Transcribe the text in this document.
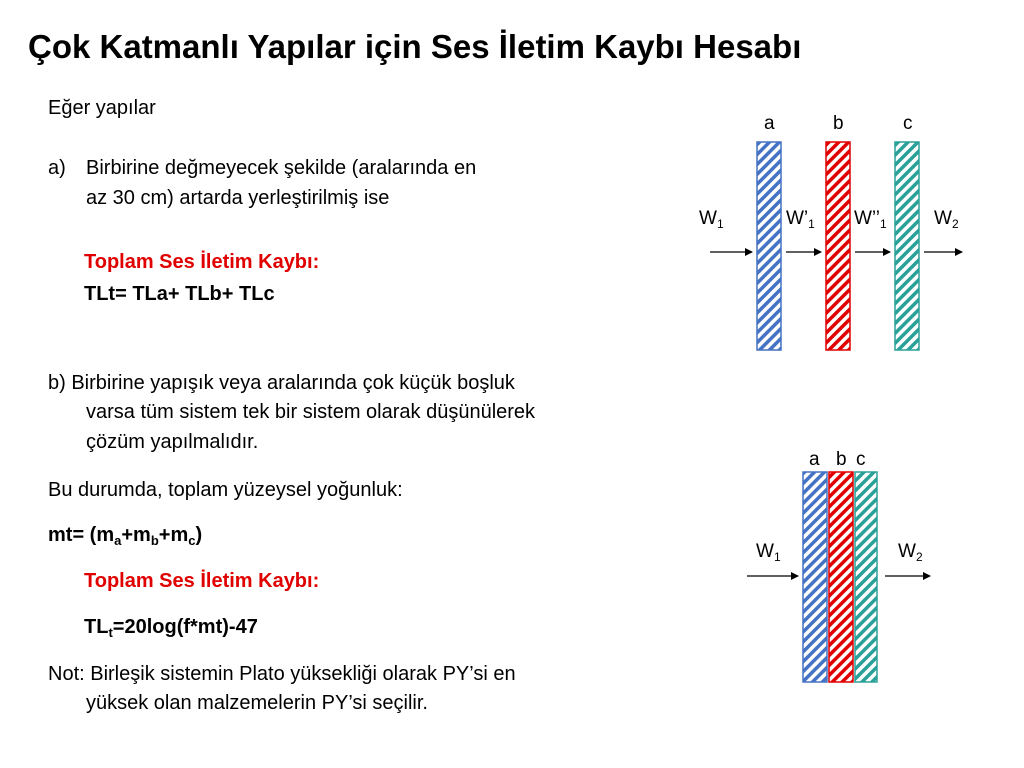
Çok Katmanlı Yapılar için Ses İletim Kaybı Hesabı
Eğer yapılar
a) Birbirine değmeyecek şekilde (aralarında en
az 30 cm) artarda yerleştirilmiş ise
Toplam Ses İletim Kaybı:
TLt= TLa+ TLb+ TLc
b) Birbirine yapışık veya aralarında çok küçük boşluk
varsa tüm sistem tek bir sistem olarak düşünülerek
çözüm yapılmalıdır.
Bu durumda, toplam yüzeysel yoğunluk:
$mt= (m_a+m_b+m_c)$
Toplam Ses İletim Kaybı:
$TL_t=20\log(f*mt)-47$
Not: Birleşik sistemin Plato yüksekliği olarak PY’si en
yüksek olan malzemelerin PY’si seçilir.
a	b	c
$W_1$	$W’_1$ $W’’_1$ $W_2$
a b c
$W_1$	$W_2$
